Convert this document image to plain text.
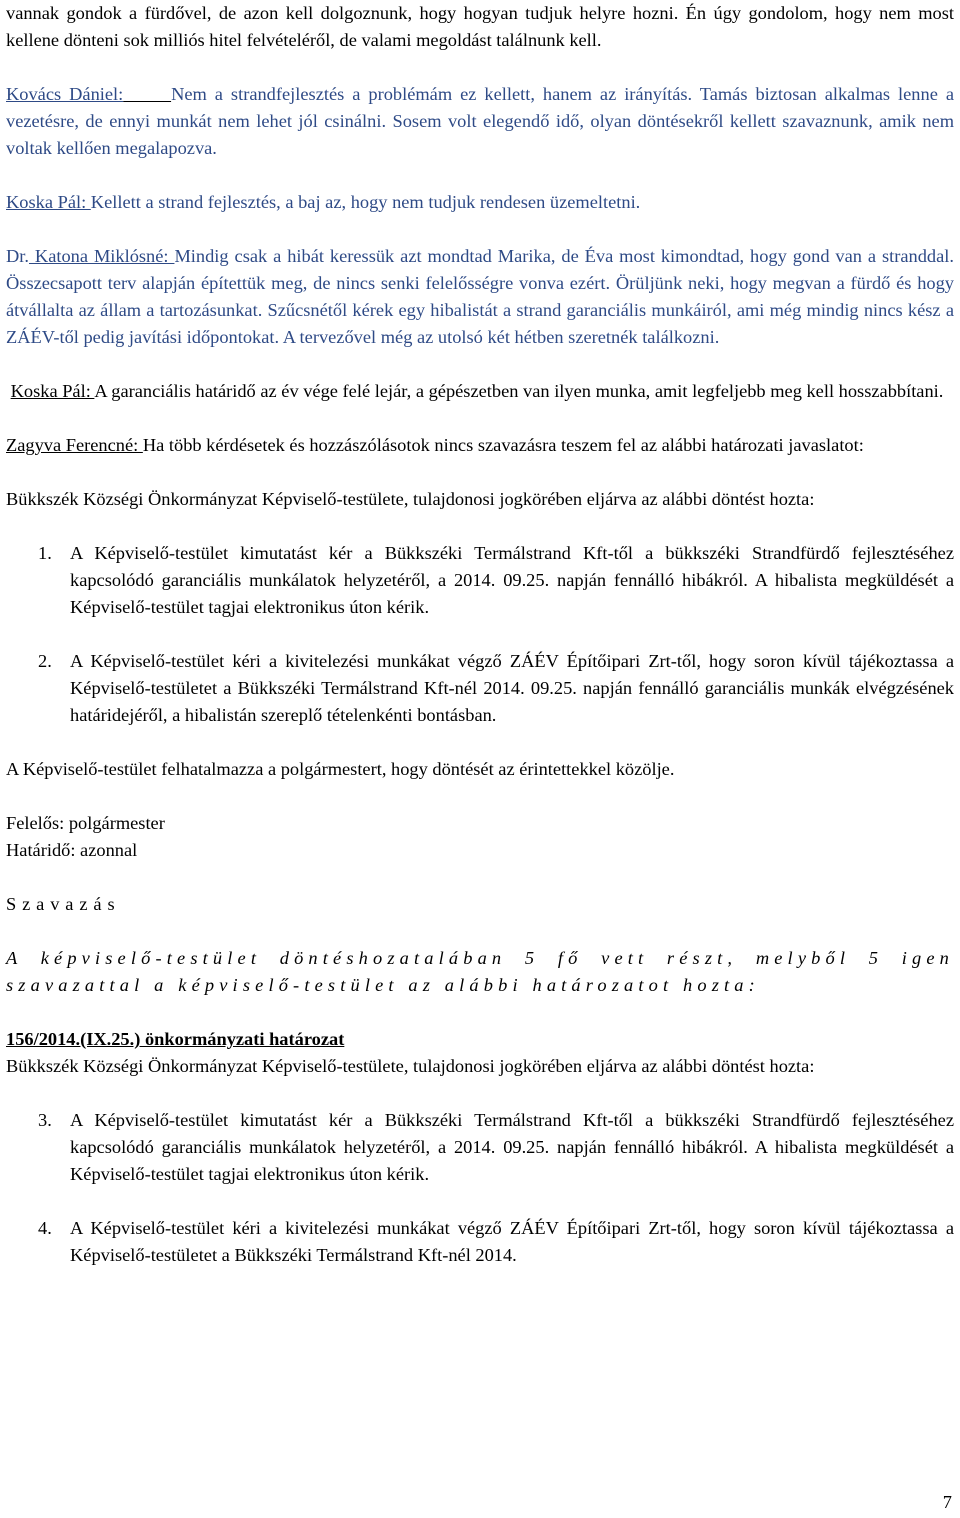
vannak gondok a fürdővel, de azon kell dolgoznunk, hogy hogyan tudjuk helyre hozni. Én úgy gondolom, hogy nem most kellene dönteni sok milliós hitel felvételéről, de valami megoldást találnunk kell.

Kovács Dániel:	Nem a strandfejlesztés a problémám ez kellett, hanem az irányítás. Tamás biztosan alkalmas lenne a vezetésre, de ennyi munkát nem lehet jól csinálni. Sosem volt elegendő idő, olyan döntésekről kellett szavaznunk, amik nem voltak kellően megalapozva.

Koska Pál: Kellett a strand fejlesztés, a baj az, hogy nem tudjuk rendesen üzemeltetni.

Dr. Katona Miklósné: Mindig csak a hibát keressük azt mondtad Marika, de Éva most kimondtad, hogy gond van a stranddal. Összecsapott terv alapján építettük meg, de nincs senki felelősségre vonva ezért. Örüljünk neki, hogy megvan a fürdő és hogy átvállalta az állam a tartozásunkat. Szűcsnétől kérek egy hibalistát a strand garanciális munkáiról, ami még mindig nincs kész a ZÁÉV-től pedig javítási időpontokat. A tervezővel még az utolsó két hétben szeretnék találkozni.

Koska Pál: A garanciális határidő az év vége felé lejár, a gépészetben van ilyen munka, amit legfeljebb meg kell hosszabbítani.

Zagyva Ferencné: Ha több kérdésetek és hozzászólásotok nincs szavazásra teszem fel az alábbi határozati javaslatot:

Bükkszék Községi Önkormányzat Képviselő-testülete, tulajdonosi jogkörében eljárva az alábbi döntést hozta:

1. A Képviselő-testület kimutatást kér a Bükkszéki Termálstrand Kft-től a bükkszéki Strandfürdő fejlesztéséhez kapcsolódó garanciális munkálatok helyzetéről, a 2014. 09.25. napján fennálló hibákról. A hibalista megküldését a Képviselő-testület tagjai elektronikus úton kérik.
2. A Képviselő-testület kéri a kivitelezési munkákat végző ZÁÉV Építőipari Zrt-től, hogy soron kívül tájékoztassa a Képviselő-testületet a Bükkszéki Termálstrand Kft-nél 2014. 09.25. napján fennálló garanciális munkák elvégzésének határidejéről, a hibalistán szereplő tételenkénti bontásban.

A Képviselő-testület felhatalmazza a polgármestert, hogy döntését az érintettekkel közölje.

Felelős: polgármester

Határidő: azonnal

Szavazás

A képviselő-testület döntéshozatalában 5 fő vett részt, melyből 5 igen szavazattal a képviselő-testület az alábbi határozatot hozta:

156/2014.(IX.25.) önkormányzati határozat

Bükkszék Községi Önkormányzat Képviselő-testülete, tulajdonosi jogkörében eljárva az alábbi döntést hozta:

3. A Képviselő-testület kimutatást kér a Bükkszéki Termálstrand Kft-től a bükkszéki Strandfürdő fejlesztéséhez kapcsolódó garanciális munkálatok helyzetéről, a 2014. 09.25. napján fennálló hibákról. A hibalista megküldését a Képviselő-testület tagjai elektronikus úton kérik.
4. A Képviselő-testület kéri a kivitelezési munkákat végző ZÁÉV Építőipari Zrt-től, hogy soron kívül tájékoztassa a Képviselő-testületet a Bükkszéki Termálstrand Kft-nél 2014.
7
